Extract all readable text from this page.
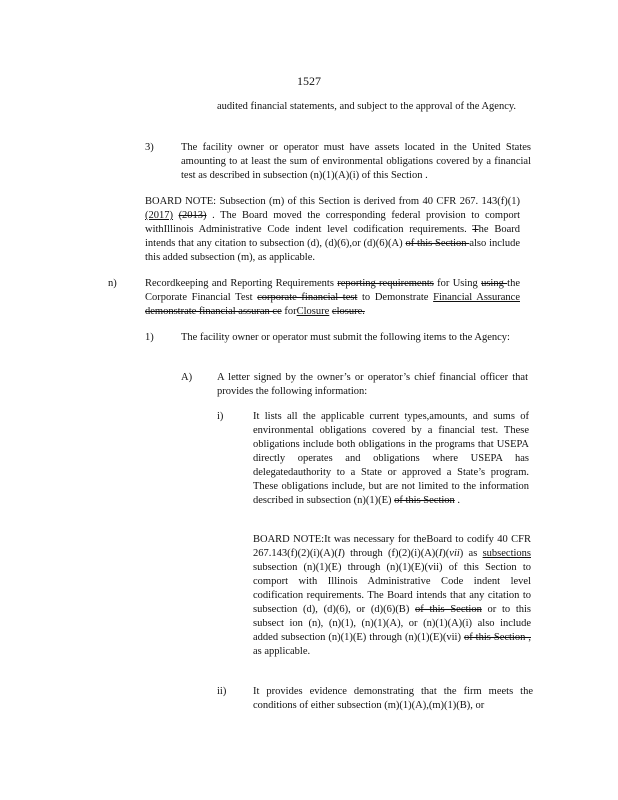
1527
audited financial statements, and subject to the approval of the Agency.
3)	The facility owner or operator must have assets located in the United States amounting to at least the sum of environmental obligations covered by a financial test as described in subsection (n)(1)(A)(i) of this Section .
BOARD NOTE: Subsection (m) of this Section is derived from 40 CFR 267. 143(f)(1) (2017) (2013) . The Board moved the corresponding federal provision to comport withIllinois Administrative Code indent level codification requirements. The Board intends that any citation to subsection (d), (d)(6),or (d)(6)(A) of this Section also include this added subsection (m), as applicable.
n)	Recordkeeping and Reporting Requirements reporting requirements for Using using the Corporate Financial Test corporate financial test to Demonstrate Financial Assurance demonstrate financial assuran ce forClosure closure.
1)	The facility owner or operator must submit the following items to the Agency:
A) A letter signed by the owner’s or operator’s chief financial officer that provides the following information:
i)	It lists all the applicable current types,amounts, and sums of environmental obligations covered by a financial test. These obligations include both obligations in the programs that USEPA directly operates and obligations where USEPA has delegatedauthority to a State or approved a State’s program. These obligations include, but are not limited to the information described in subsection (n)(1)(E) of this Section .
BOARD NOTE:It was necessary for theBoard to codify 40 CFR 267.143(f)(2)(i)(A)(I) through (f)(2)(i)(A)(I)(vii) as subsections subsection (n)(1)(E) through (n)(1)(E)(vii) of this Section to comport with Illinois Administrative Code indent level codification requirements. The Board intends that any citation to subsection (d), (d)(6), or (d)(6)(B) of this Section or to this subsect ion (n), (n)(1), (n)(1)(A), or (n)(1)(A)(i) also include added subsection (n)(1)(E) through (n)(1)(E)(vii) of this Section , as applicable.
ii)	It provides evidence demonstrating that the firm meets the conditions of either subsection (m)(1)(A),(m)(1)(B), or
